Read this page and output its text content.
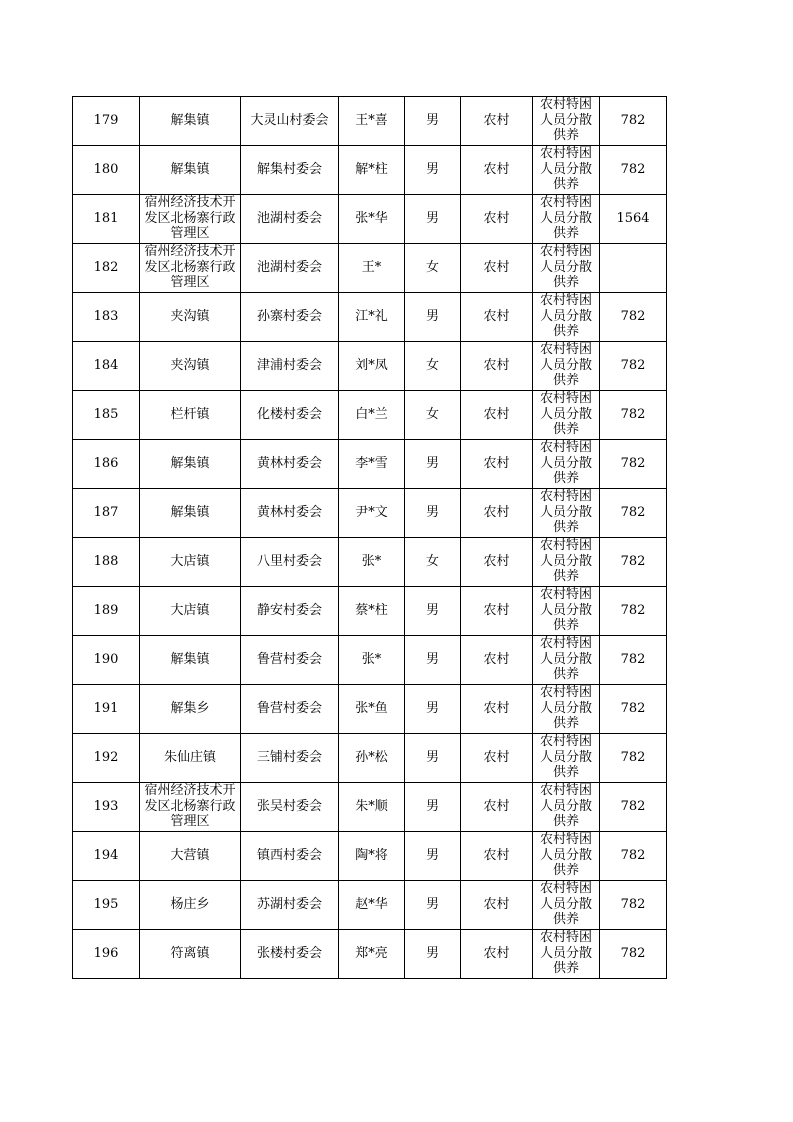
179	解集镇	大灵山村委会	王*喜	男	农村	农村特困人员分散供养	782
180	解集镇	解集村委会	解*柱	男	农村	农村特困人员分散供养	782
181	宿州经济技术开发区北杨寨行政管理区	池湖村委会	张*华	男	农村	农村特困人员分散供养	1564
182	宿州经济技术开发区北杨寨行政管理区	池湖村委会	王*	女	农村	农村特困人员分散供养	

183	夹沟镇	孙寨村委会	江*礼	男	农村	农村特困人员分散供养	782
184	夹沟镇	津浦村委会	刘*凤	女	农村	农村特困人员分散供养	782
185	栏杆镇	化楼村委会	白*兰	女	农村	农村特困人员分散供养	782
186	解集镇	黄林村委会	李*雪	男	农村	农村特困人员分散供养	782
187	解集镇	黄林村委会	尹*文	男	农村	农村特困人员分散供养	782
188	大店镇	八里村委会	张*	女	农村	农村特困人员分散供养	782
189	大店镇	静安村委会	蔡*柱	男	农村	农村特困人员分散供养	782
190	解集镇	鲁营村委会	张*	男	农村	农村特困人员分散供养	782
191	解集乡	鲁营村委会	张*鱼	男	农村	农村特困人员分散供养	782
192	朱仙庄镇	三铺村委会	孙*松	男	农村	农村特困人员分散供养	782
193	宿州经济技术开发区北杨寨行政管理区	张吴村委会	朱*顺	男	农村	农村特困人员分散供养	782
194	大营镇	镇西村委会	陶*将	男	农村	农村特困人员分散供养	782
195	杨庄乡	苏湖村委会	赵*华	男	农村	农村特困人员分散供养	782
196	符离镇	张楼村委会	郑*亮	男	农村	农村特困人员分散供养	782
